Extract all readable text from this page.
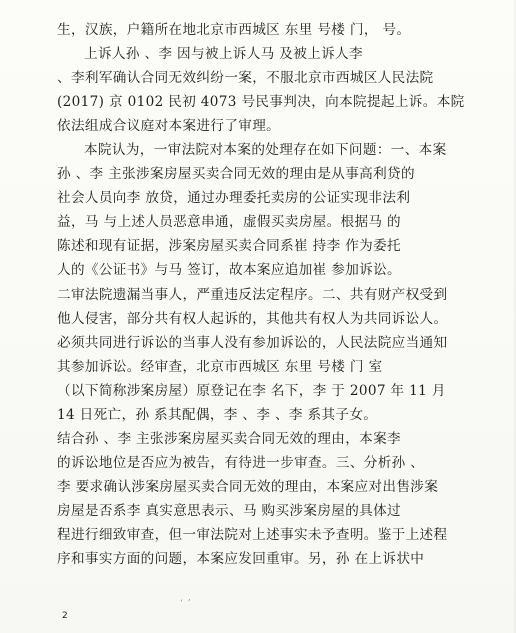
生，汉族，户籍所在地北京市西城区 东里 号楼 门， 号。
上诉人孙 、李 因与被上诉人马 及被上诉人李
、李利军确认合同无效纠纷一案，不服北京市西城区人民法院
(2017) 京 0102 民初 4073 号民事判决，向本院提起上诉。本院
依法组成合议庭对本案进行了审理。
本院认为，一审法院对本案的处理存在如下问题：一、本案
孙 、李 主张涉案房屋买卖合同无效的理由是从事高利贷的
社会人员向李 放贷，通过办理委托卖房的公证实现非法利
益，马 与上述人员恶意串通，虚假买卖房屋。根据马 的
陈述和现有证据，涉案房屋买卖合同系崔 持李 作为委托
人的《公证书》与马 签订，故本案应追加崔 参加诉讼。
二审法院遗漏当事人，严重违反法定程序。二、共有财产权受到
他人侵害，部分共有权人起诉的，其他共有权人为共同诉讼人。
必须共同进行诉讼的当事人没有参加诉讼的，人民法院应当通知
其参加诉讼。经审查，北京市西城区 东里 号楼 门 室
（以下简称涉案房屋）原登记在李 名下，李 于 2007 年 11 月
14 日死亡，孙 系其配偶，李 、李 、李 系其子女。
结合孙 、李 主张涉案房屋买卖合同无效的理由，本案李
的诉讼地位是否应为被告，有待进一步审查。三、分析孙 、
李 要求确认涉案房屋买卖合同无效的理由，本案应对出售涉案
房屋是否系李 真实意思表示、马 购买涉案房屋的具体过
程进行细致审查，但一审法院对上述事实未予查明。鉴于上述程
序和事实方面的问题，本案应发回重审。另，孙 在上诉状中
‘ ’
2
